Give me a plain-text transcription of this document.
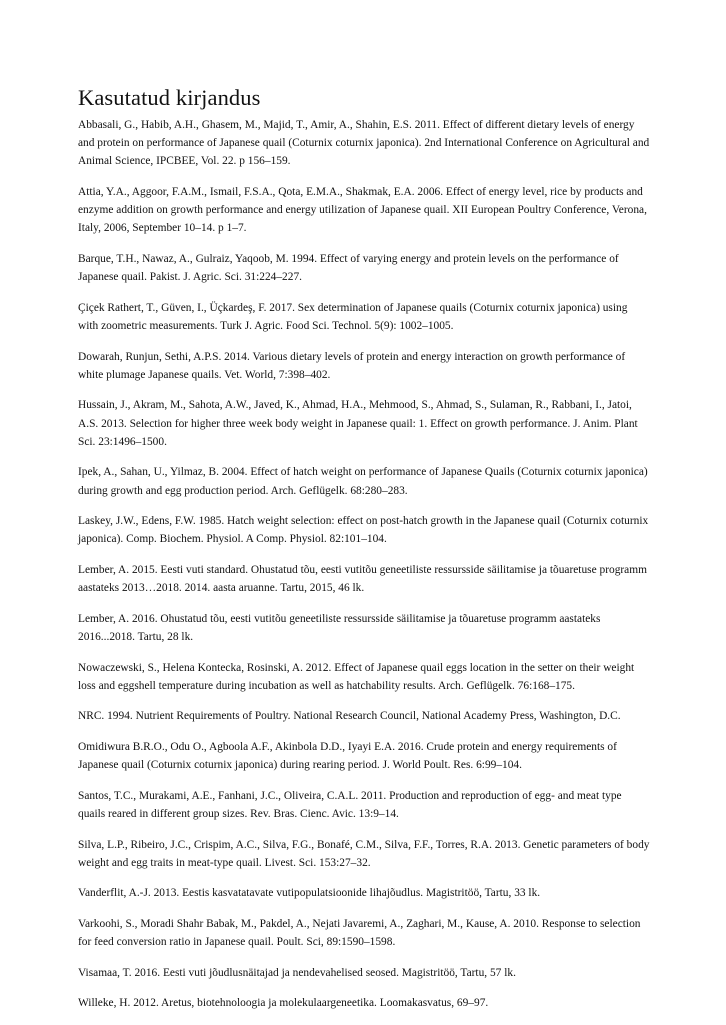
Kasutatud kirjandus
Abbasali, G., Habib, A.H., Ghasem, M., Majid, T., Amir, A., Shahin, E.S. 2011. Effect of different dietary levels of energy and protein on performance of Japanese quail (Coturnix coturnix japonica). 2nd International Conference on Agricultural and Animal Science, IPCBEE, Vol. 22. p 156–159.
Attia, Y.A., Aggoor, F.A.M., Ismail, F.S.A., Qota, E.M.A., Shakmak, E.A. 2006. Effect of energy level, rice by products and enzyme addition on growth performance and energy utilization of Japanese quail. XII European Poultry Conference, Verona, Italy, 2006, September 10–14. p 1–7.
Barque, T.H., Nawaz, A., Gulraiz, Yaqoob, M. 1994. Effect of varying energy and protein levels on the performance of Japanese quail. Pakist. J. Agric. Sci. 31:224–227.
Çiçek Rathert, T., Güven, I., Üçkardeş, F. 2017. Sex determination of Japanese quails (Coturnix coturnix japonica) using with zoometric measurements. Turk J. Agric. Food Sci. Technol. 5(9): 1002–1005.
Dowarah, Runjun, Sethi, A.P.S. 2014. Various dietary levels of protein and energy interaction on growth performance of white plumage Japanese quails. Vet. World, 7:398–402.
Hussain, J., Akram, M., Sahota, A.W., Javed, K., Ahmad, H.A., Mehmood, S., Ahmad, S., Sulaman, R., Rabbani, I., Jatoi, A.S. 2013. Selection for higher three week body weight in Japanese quail: 1. Effect on growth performance. J. Anim. Plant Sci. 23:1496–1500.
Ipek, A., Sahan, U., Yilmaz, B. 2004. Effect of hatch weight on performance of Japanese Quails (Coturnix coturnix japonica) during growth and egg production period. Arch. Geflügelk. 68:280–283.
Laskey, J.W., Edens, F.W. 1985. Hatch weight selection: effect on post-hatch growth in the Japanese quail (Coturnix coturnix japonica). Comp. Biochem. Physiol. A Comp. Physiol. 82:101–104.
Lember, A. 2015. Eesti vuti standard. Ohustatud tõu, eesti vutitõu geneetiliste ressursside säilitamise ja tõuaretuse programm aastateks 2013…2018. 2014. aasta aruanne. Tartu, 2015, 46 lk.
Lember, A. 2016. Ohustatud tõu, eesti vutitõu geneetiliste ressursside säilitamise ja tõuaretuse programm aastateks 2016...2018. Tartu, 28 lk.
Nowaczewski, S., Helena Kontecka, Rosinski, A. 2012. Effect of Japanese quail eggs location in the setter on their weight loss and eggshell temperature during incubation as well as hatchability results. Arch. Geflügelk. 76:168–175.
NRC. 1994. Nutrient Requirements of Poultry. National Research Council, National Academy Press, Washington, D.C.
Omidiwura B.R.O., Odu O., Agboola A.F., Akinbola D.D., Iyayi E.A. 2016. Crude protein and energy requirements of Japanese quail (Coturnix coturnix japonica) during rearing period. J. World Poult. Res. 6:99–104.
Santos, T.C., Murakami, A.E., Fanhani, J.C., Oliveira, C.A.L. 2011. Production and reproduction of egg- and meat type quails reared in different group sizes. Rev. Bras. Cienc. Avic. 13:9–14.
Silva, L.P., Ribeiro, J.C., Crispim, A.C., Silva, F.G., Bonafé, C.M., Silva, F.F., Torres, R.A. 2013. Genetic parameters of body weight and egg traits in meat-type quail. Livest. Sci. 153:27–32.
Vanderflit, A.-J. 2013. Eestis kasvatatavate vutipopulatsioonide lihajõudlus. Magistritöö, Tartu, 33 lk.
Varkoohi, S., Moradi Shahr Babak, M., Pakdel, A., Nejati Javaremi, A., Zaghari, M., Kause, A. 2010. Response to selection for feed conversion ratio in Japanese quail. Poult. Sci, 89:1590–1598.
Visamaa, T. 2016. Eesti vuti jõudlusnäitajad ja nendevahelised seosed. Magistritöö, Tartu, 57 lk.
Willeke, H. 2012. Aretus, biotehnoloogia ja molekulaargeneetika. Loomakasvatus, 69–97.
